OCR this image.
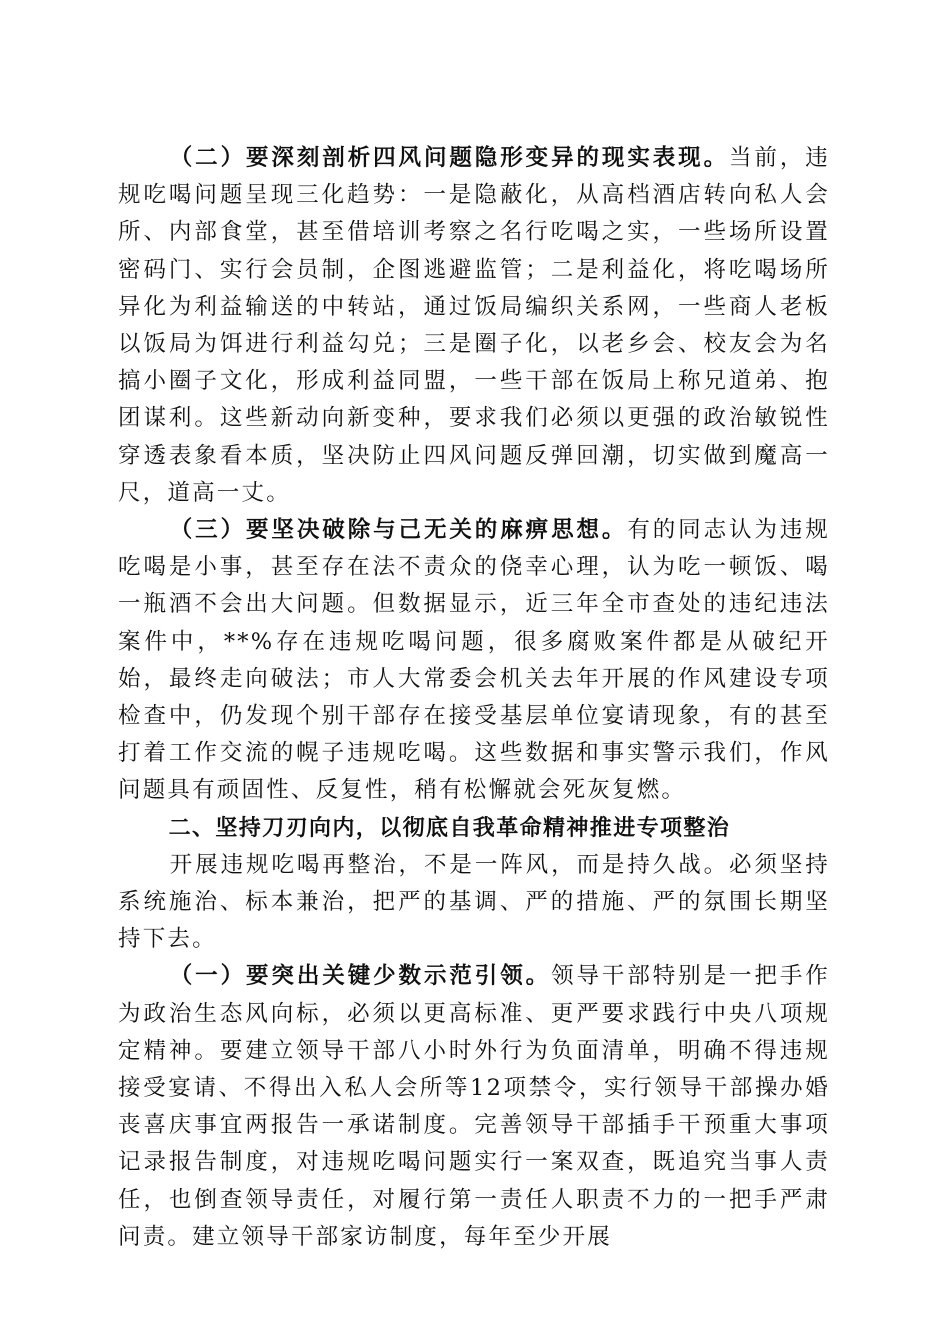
（二）要深刻剖析四风问题隐形变异的现实表现。当前，违规吃喝问题呈现三化趋势：一是隐蔽化，从高档酒店转向私人会所、内部食堂，甚至借培训考察之名行吃喝之实，一些场所设置密码门、实行会员制，企图逃避监管；二是利益化，将吃喝场所异化为利益输送的中转站，通过饭局编织关系网，一些商人老板以饭局为饵进行利益勾兑；三是圈子化，以老乡会、校友会为名搞小圈子文化，形成利益同盟，一些干部在饭局上称兄道弟、抱团谋利。这些新动向新变种，要求我们必须以更强的政治敏锐性穿透表象看本质，坚决防止四风问题反弹回潮，切实做到魔高一尺，道高一丈。

（三）要坚决破除与己无关的麻痹思想。有的同志认为违规吃喝是小事，甚至存在法不责众的侥幸心理，认为吃一顿饭、喝一瓶酒不会出大问题。但数据显示，近三年全市查处的违纪违法案件中，**%存在违规吃喝问题，很多腐败案件都是从破纪开始，最终走向破法；市人大常委会机关去年开展的作风建设专项检查中，仍发现个别干部存在接受基层单位宴请现象，有的甚至打着工作交流的幌子违规吃喝。这些数据和事实警示我们，作风问题具有顽固性、反复性，稍有松懈就会死灰复燃。

二、坚持刀刃向内，以彻底自我革命精神推进专项整治

开展违规吃喝再整治，不是一阵风，而是持久战。必须坚持系统施治、标本兼治，把严的基调、严的措施、严的氛围长期坚持下去。

（一）要突出关键少数示范引领。领导干部特别是一把手作为政治生态风向标，必须以更高标准、更严要求践行中央八项规定精神。要建立领导干部八小时外行为负面清单，明确不得违规接受宴请、不得出入私人会所等12项禁令，实行领导干部操办婚丧喜庆事宜两报告一承诺制度。完善领导干部插手干预重大事项记录报告制度，对违规吃喝问题实行一案双查，既追究当事人责任，也倒查领导责任，对履行第一责任人职责不力的一把手严肃问责。建立领导干部家访制度，每年至少开展
